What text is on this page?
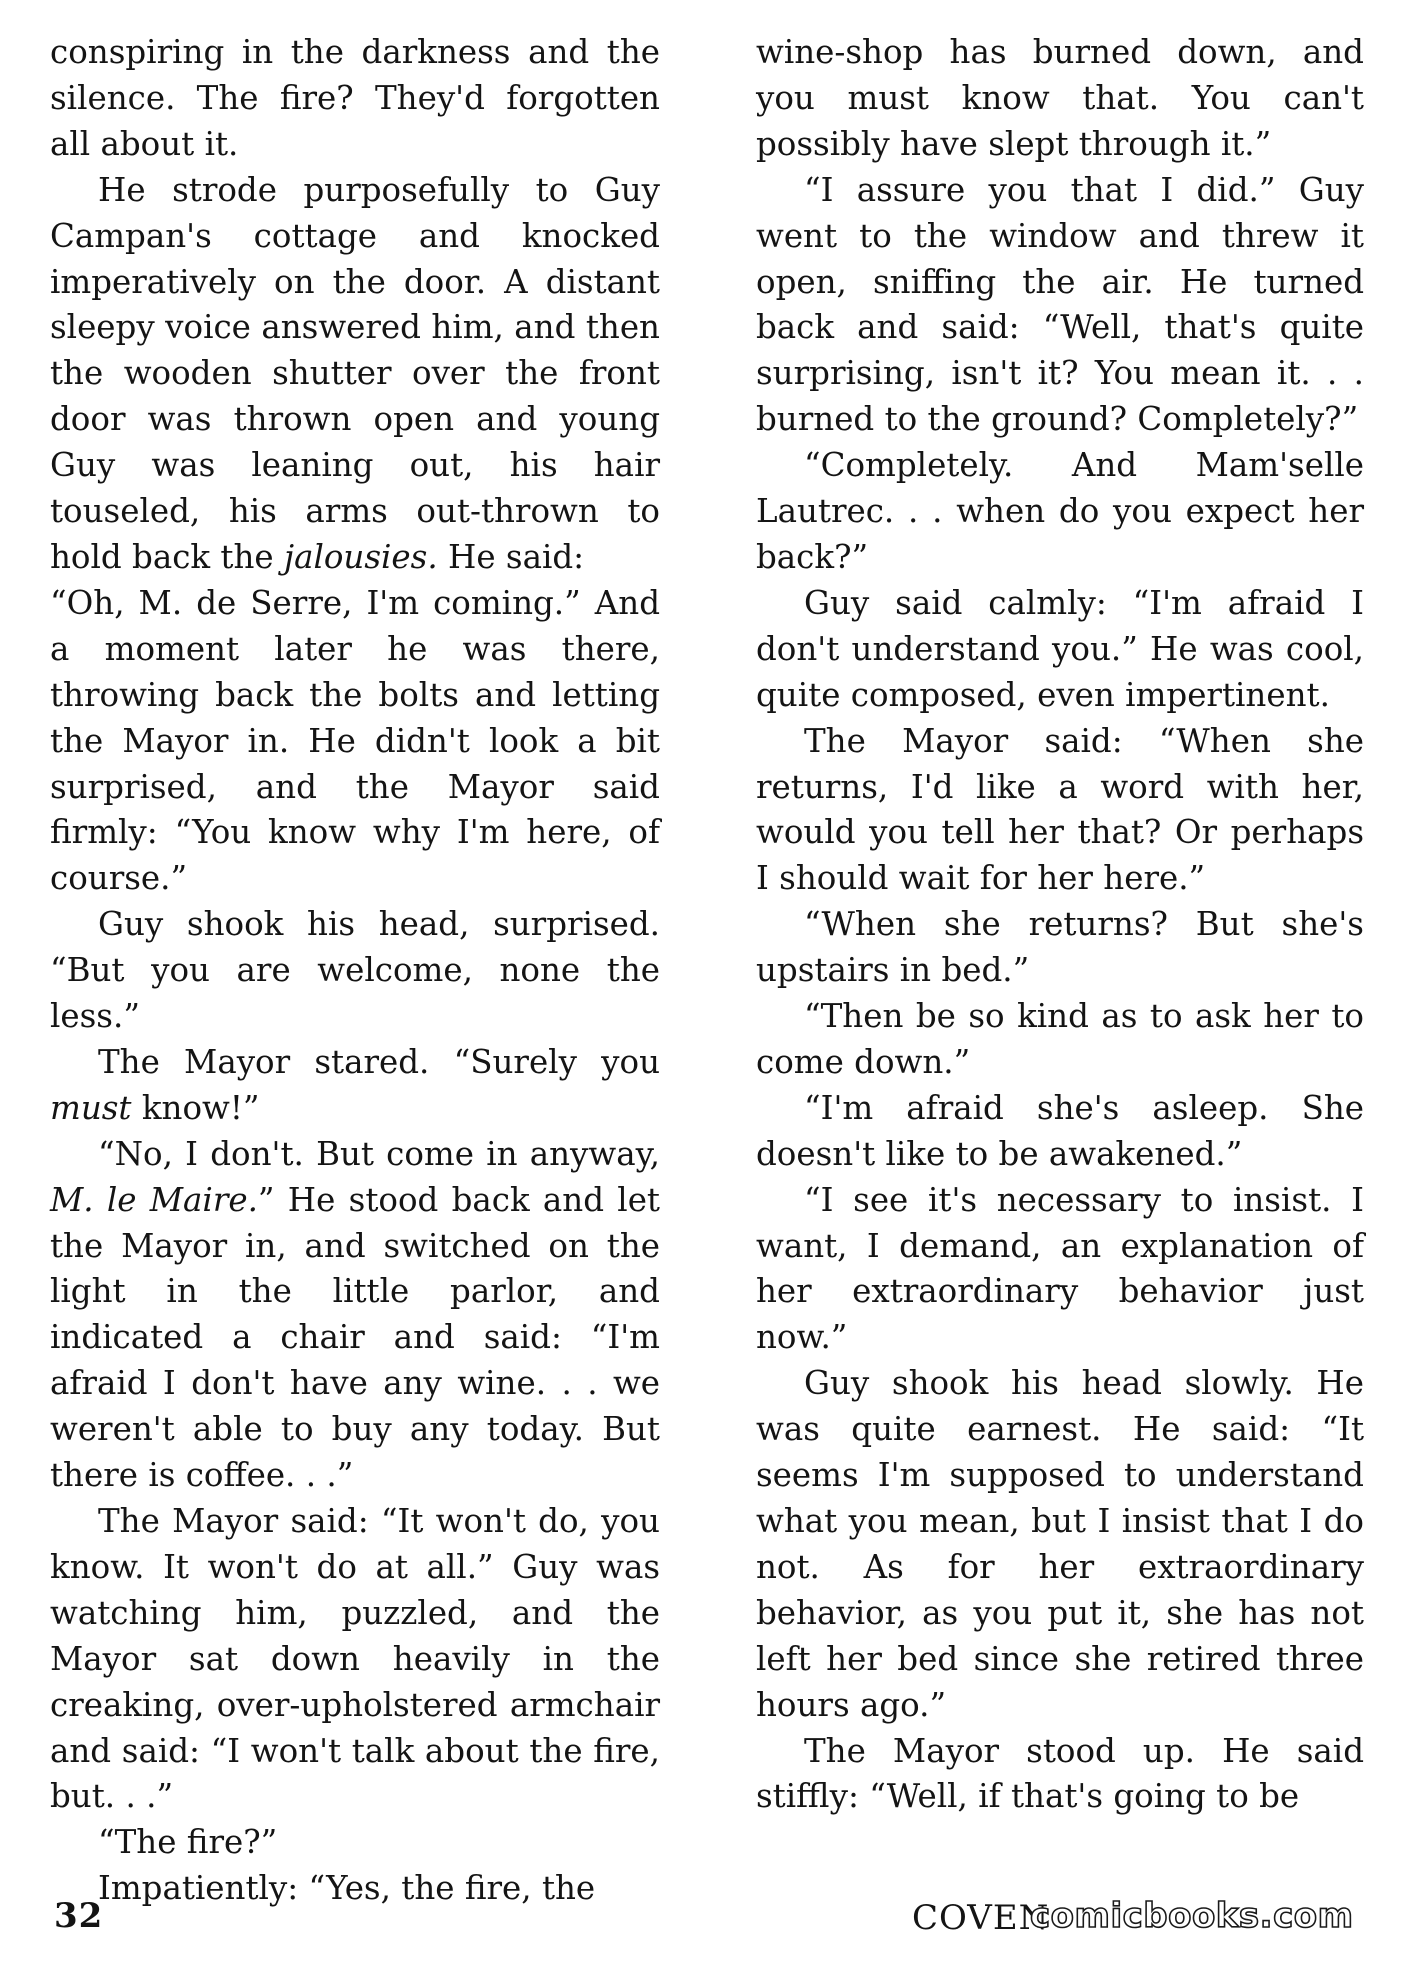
conspiring in the darkness and the silence. The fire? They'd forgotten all about it.

He strode purposefully to Guy Campan's cottage and knocked imperatively on the door. A distant sleepy voice answered him, and then the wooden shutter over the front door was thrown open and young Guy was leaning out, his hair touseled, his arms out-thrown to hold back the jalousies. He said:

“Oh, M. de Serre, I'm coming.” And a moment later he was there, throwing back the bolts and letting the Mayor in. He didn't look a bit surprised, and the Mayor said firmly: “You know why I'm here, of course.”

Guy shook his head, surprised. “But you are welcome, none the less.”

The Mayor stared. “Surely you must know!”

“No, I don't. But come in anyway, M. le Maire.” He stood back and let the Mayor in, and switched on the light in the little parlor, and indicated a chair and said: “I'm afraid I don't have any wine. . . we weren't able to buy any today. But there is coffee. . .”

The Mayor said: “It won't do, you know. It won't do at all.” Guy was watching him, puzzled, and the Mayor sat down heavily in the creaking, over-upholstered armchair and said: “I won't talk about the fire, but. . .”

“The fire?”

Impatiently: “Yes, the fire, the

wine-shop has burned down, and you must know that. You can't possibly have slept through it.”

“I assure you that I did.” Guy went to the window and threw it open, sniffing the air. He turned back and said: “Well, that's quite surprising, isn't it? You mean it. . . burned to the ground? Completely?”

“Completely. And Mam'selle Lautrec. . . when do you expect her back?”

Guy said calmly: “I'm afraid I don't understand you.” He was cool, quite composed, even impertinent.

The Mayor said: “When she returns, I'd like a word with her, would you tell her that? Or perhaps I should wait for her here.”

“When she returns? But she's upstairs in bed.”

“Then be so kind as to ask her to come down.”

“I'm afraid she's asleep. She doesn't like to be awakened.”

“I see it's necessary to insist. I want, I demand, an explanation of her extraordinary behavior just now.”

Guy shook his head slowly. He was quite earnest. He said: “It seems I'm supposed to understand what you mean, but I insist that I do not. As for her extraordinary behavior, as you put it, she has not left her bed since she retired three hours ago.”

The Mayor stood up. He said stiffly: “Well, if that's going to be

32	COVEN
comicbooks.com
